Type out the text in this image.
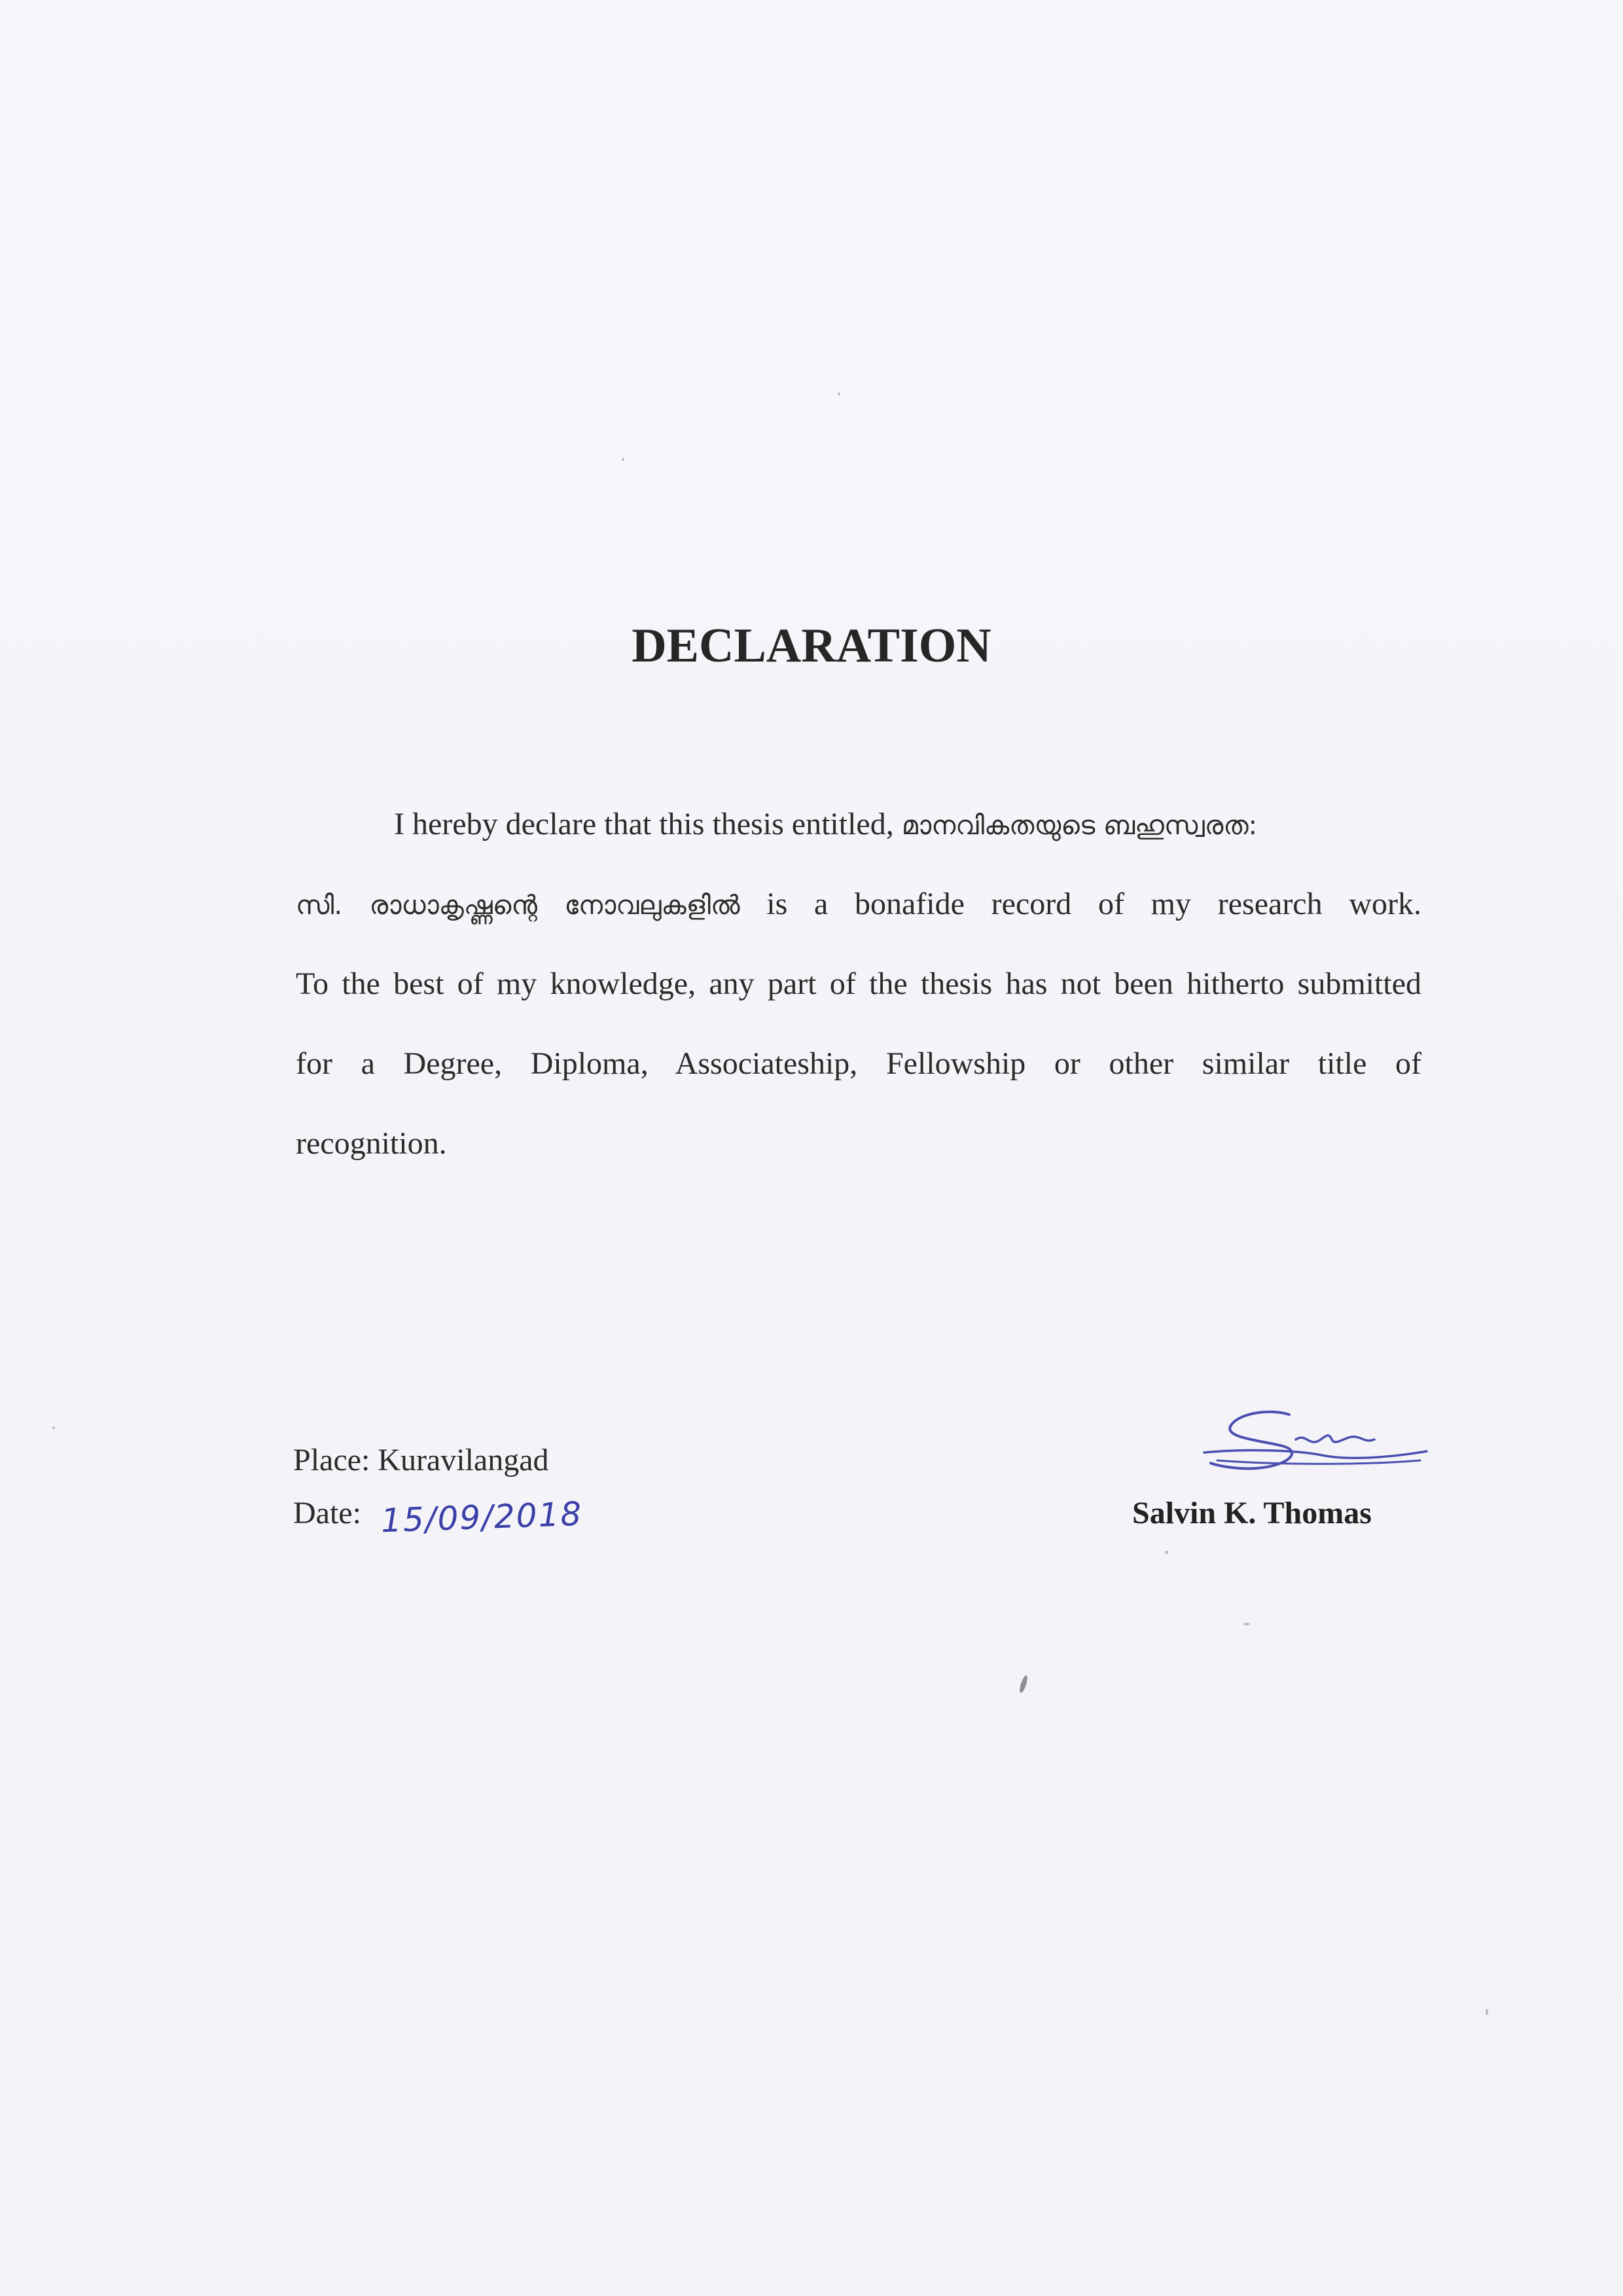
DECLARATION
I hereby declare that this thesis entitled, മാനവികതയുടെ ബഹുസ്വരത:
സി. രാധാകൃഷ്ണന്റെ നോവലുകളിൽ is a bonafide record of my research work.
To the best of my knowledge, any part of the thesis has not been hitherto submitted
for a Degree, Diploma, Associateship, Fellowship or other similar title of
recognition.
Place: Kuravilangad
Date: 15/09/2018	Salvin K. Thomas
